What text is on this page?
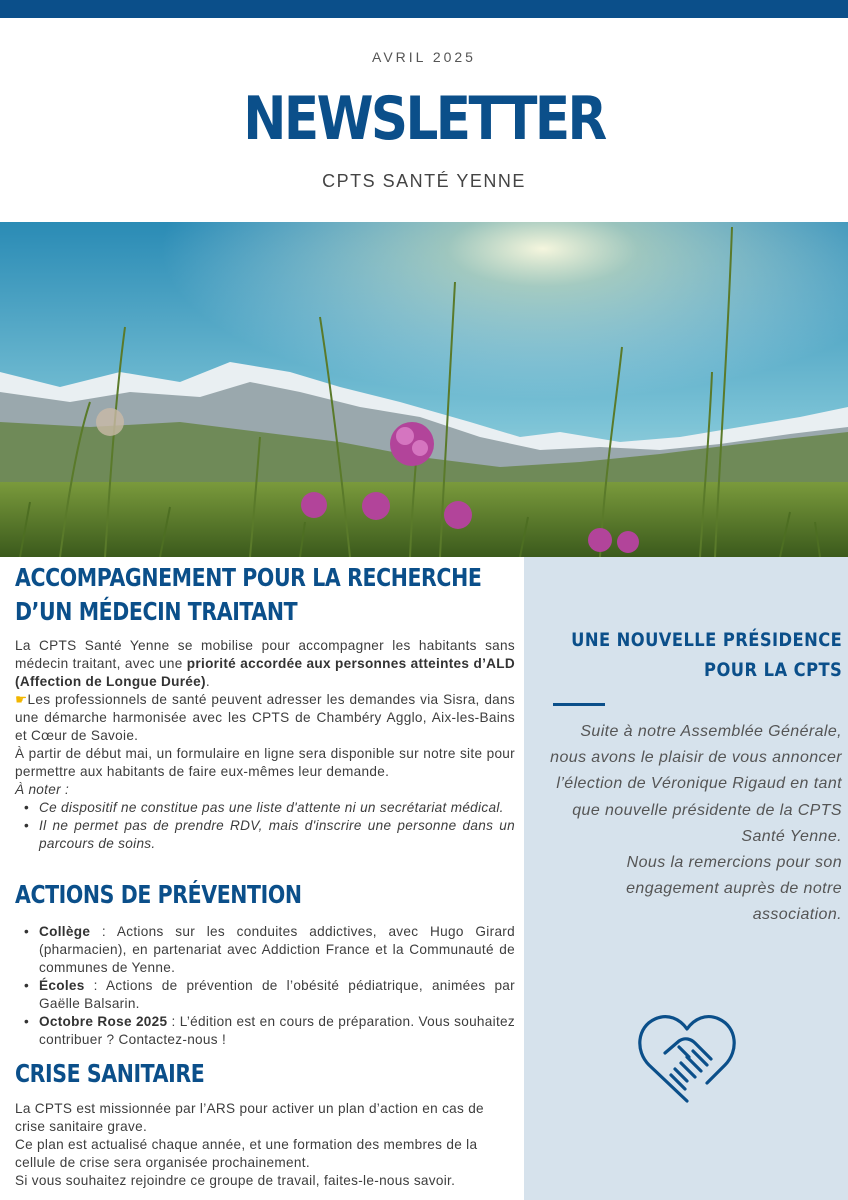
AVRIL 2025
NEWSLETTER
CPTS SANTÉ YENNE
ACCOMPAGNEMENT POUR LA RECHERCHE
D’UN MÉDECIN TRAITANT

La CPTS Santé Yenne se mobilise pour accompagner les habitants sans médecin traitant, avec une priorité accordée aux personnes atteintes d’ALD (Affection de Longue Durée).

☛Les professionnels de santé peuvent adresser les demandes via Sisra, dans une démarche harmonisée avec les CPTS de Chambéry Agglo, Aix-les-Bains et Cœur de Savoie.

À partir de début mai, un formulaire en ligne sera disponible sur notre site pour permettre aux habitants de faire eux-mêmes leur demande.

À noter :

• Ce dispositif ne constitue pas une liste d'attente ni un secrétariat médical.
• Il ne permet pas de prendre RDV, mais d'inscrire une personne dans un parcours de soins.
ACTIONS DE PRÉVENTION
• Collège : Actions sur les conduites addictives, avec Hugo Girard (pharmacien), en partenariat avec Addiction France et la Communauté de communes de Yenne.
• Écoles : Actions de prévention de l’obésité pédiatrique, animées par Gaëlle Balsarin.
• Octobre Rose 2025 : L’édition est en cours de préparation. Vous souhaitez contribuer ? Contactez-nous !
CRISE SANITAIRE

La CPTS est missionnée par l’ARS pour activer un plan d’action en cas de crise sanitaire grave.

Ce plan est actualisé chaque année, et une formation des membres de la cellule de crise sera organisée prochainement.

Si vous souhaitez rejoindre ce groupe de travail, faites-le-nous savoir.

UNE NOUVELLE PRÉSIDENCE
POUR LA CPTS

Suite à notre Assemblée Générale, nous avons le plaisir de vous annoncer l’élection de Véronique Rigaud en tant que nouvelle présidente de la CPTS Santé Yenne.

Nous la remercions pour son engagement auprès de notre association.
